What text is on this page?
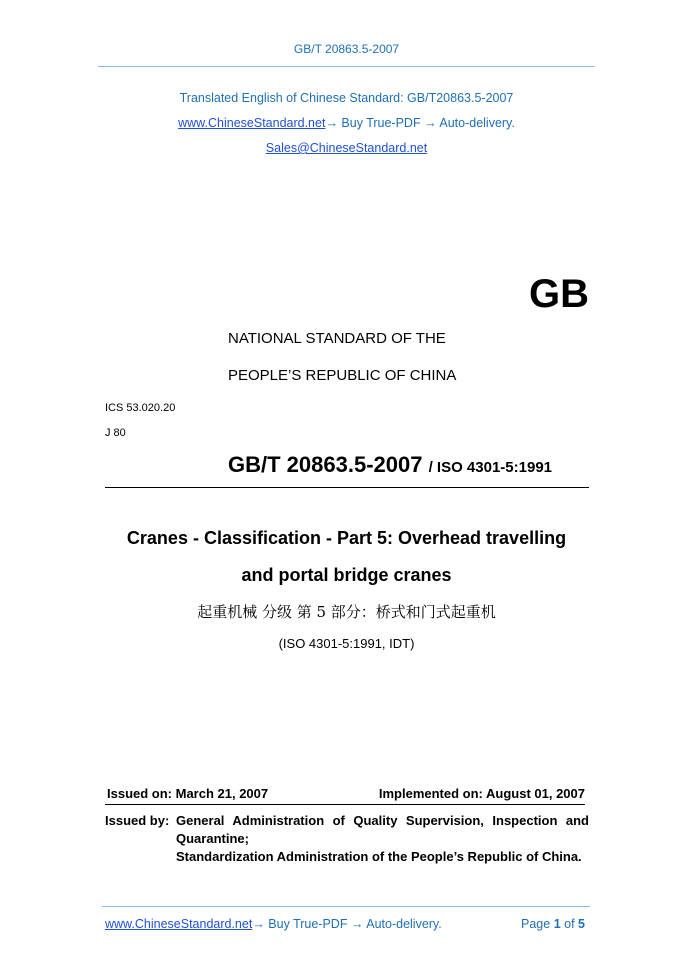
GB/T 20863.5-2007
Translated English of Chinese Standard: GB/T20863.5-2007
www.ChineseStandard.net→ Buy True-PDF → Auto-delivery.
Sales@ChineseStandard.net
GB
NATIONAL STANDARD OF THE
PEOPLE’S REPUBLIC OF CHINA
ICS 53.020.20
J 80
GB/T 20863.5-2007 / ISO 4301-5:1991
Cranes - Classification - Part 5: Overhead travelling
and portal bridge cranes
起重机械 分级 第 5 部分：桥式和门式起重机
(ISO 4301-5:1991, IDT)
Issued on: March 21, 2007	Implemented on: August 01, 2007
Issued by: General Administration of Quality Supervision, Inspection and Quarantine;
Standardization Administration of the People’s Republic of China.
www.ChineseStandard.net→ Buy True-PDF → Auto-delivery.	Page 1 of 5
